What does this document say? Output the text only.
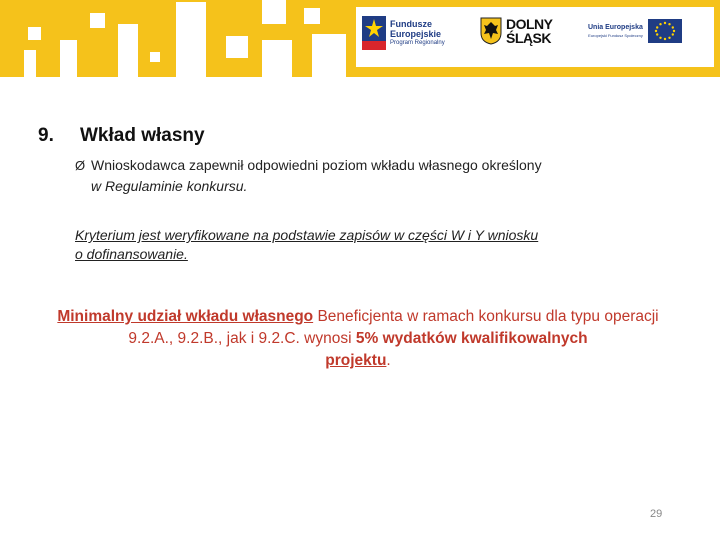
Fundusze
Europejskie
Program Regionalny
DOLNY
ŚLĄSK
Unia Europejska
Europejski Fundusz Społeczny
9. Wkład własny
Ø Wnioskodawca zapewnił odpowiedni poziom wkładu własnego określony
w Regulaminie konkursu.
Kryterium jest weryfikowane na podstawie zapisów w części W i Y wniosku
o dofinansowanie.
Minimalny udział wkładu własnego Beneficjenta w ramach konkursu dla typu operacji 9.2.A., 9.2.B., jak i 9.2.C. wynosi 5% wydatków kwalifikowalnych
projektu.
29
